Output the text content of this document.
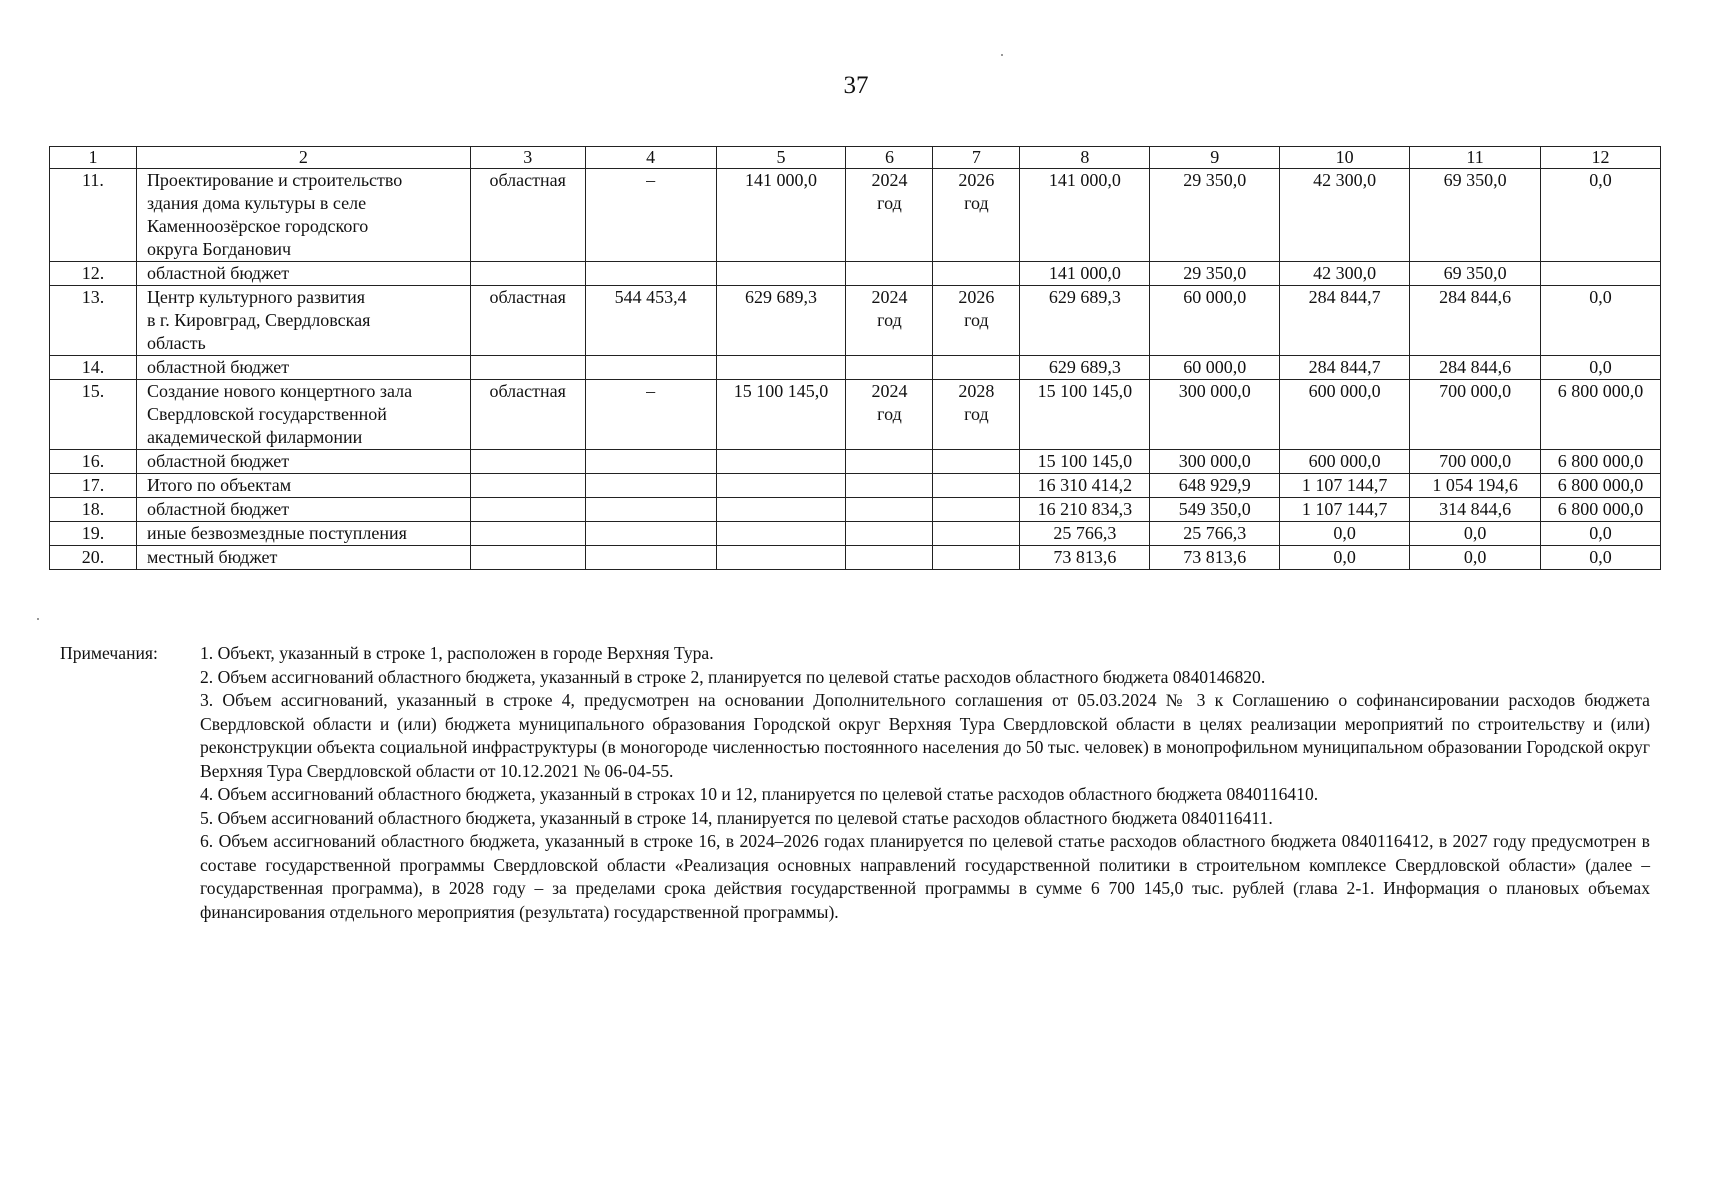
37
1	2	3	4	5	6	7	8	9	10	11	12
11.	Проектирование и строительство
здания дома культуры в селе
Каменноозёрское городского
округа Богданович	областная	–	141 000,0	2024
год	2026
год	141 000,0	29 350,0	42 300,0	69 350,0	0,0
12.	областной бюджет						141 000,0	29 350,0	42 300,0	69 350,0	
13.	Центр культурного развития
в г. Кировград, Свердловская
область	областная	544 453,4	629 689,3	2024
год	2026
год	629 689,3	60 000,0	284 844,7	284 844,6	0,0
14.	областной бюджет						629 689,3	60 000,0	284 844,7	284 844,6	0,0
15.	Создание нового концертного зала
Свердловской государственной
академической филармонии	областная	–	15 100 145,0	2024
год	2028
год	15 100 145,0	300 000,0	600 000,0	700 000,0	6 800 000,0
16.	областной бюджет						15 100 145,0	300 000,0	600 000,0	700 000,0	6 800 000,0
17.	Итого по объектам						16 310 414,2	648 929,9	1 107 144,7	1 054 194,6	6 800 000,0
18.	областной бюджет						16 210 834,3	549 350,0	1 107 144,7	314 844,6	6 800 000,0
19.	иные безвозмездные поступления						25 766,3	25 766,3	0,0	0,0	0,0
20.	местный бюджет						73 813,6	73 813,6	0,0	0,0	0,0
Примечания: 1. Объект, указанный в строке 1, расположен в городе Верхняя Тура.
2. Объем ассигнований областного бюджета, указанный в строке 2, планируется по целевой статье расходов областного бюджета 0840146820.
3. Объем ассигнований, указанный в строке 4, предусмотрен на основании Дополнительного соглашения от 05.03.2024 № 3 к Соглашению о софинансировании расходов бюджета Свердловской области и (или) бюджета муниципального образования Городской округ Верхняя Тура Свердловской области в целях реализации мероприятий по строительству и (или) реконструкции объекта социальной инфраструктуры (в моногороде численностью постоянного населения до 50 тыс. человек) в монопрофильном муниципальном образовании Городской округ Верхняя Тура Свердловской области от 10.12.2021 № 06-04-55.
4. Объем ассигнований областного бюджета, указанный в строках 10 и 12, планируется по целевой статье расходов областного бюджета 0840116410.
5. Объем ассигнований областного бюджета, указанный в строке 14, планируется по целевой статье расходов областного бюджета 0840116411.
6. Объем ассигнований областного бюджета, указанный в строке 16, в 2024–2026 годах планируется по целевой статье расходов областного бюджета 0840116412, в 2027 году предусмотрен в составе государственной программы Свердловской области «Реализация основных направлений государственной политики в строительном комплексе Свердловской области» (далее – государственная программа), в 2028 году – за пределами срока действия государственной программы в сумме 6 700 145,0 тыс. рублей (глава 2-1. Информация о плановых объемах финансирования отдельного мероприятия (результата) государственной программы).
